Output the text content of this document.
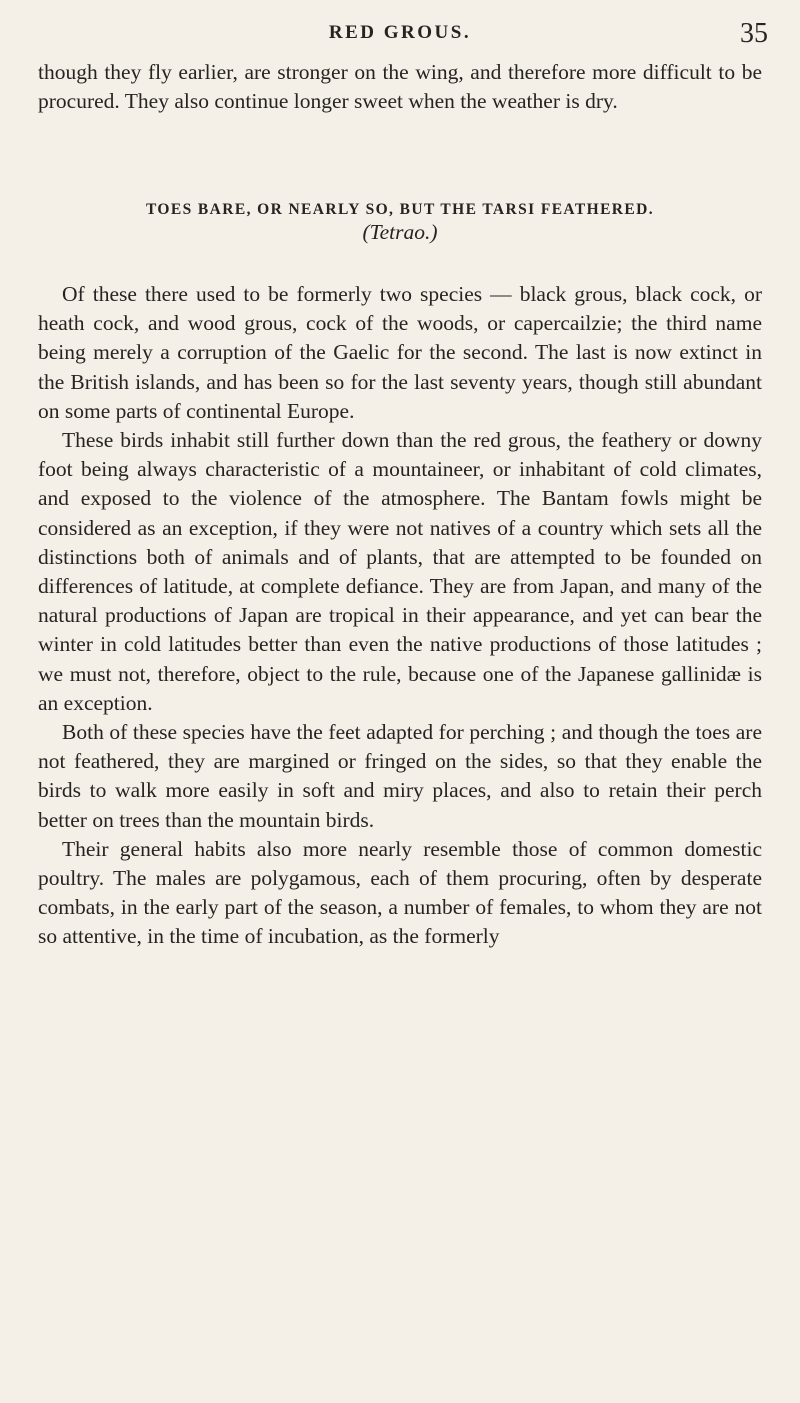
RED GROUS.	35

though they fly earlier, are stronger on the wing, and therefore more difficult to be procured. They also continue longer sweet when the weather is dry.

TOES BARE, OR NEARLY SO, BUT THE TARSI FEATHERED.
(Tetrao.)

Of these there used to be formerly two species — black grous, black cock, or heath cock, and wood grous, cock of the woods, or capercailzie; the third name being merely a corruption of the Gaelic for the second. The last is now extinct in the British islands, and has been so for the last seventy years, though still abundant on some parts of continental Europe.

These birds inhabit still further down than the red grous, the feathery or downy foot being always characteristic of a mountaineer, or inhabitant of cold climates, and exposed to the violence of the atmosphere. The Bantam fowls might be considered as an exception, if they were not natives of a country which sets all the distinctions both of animals and of plants, that are attempted to be founded on differences of latitude, at complete defiance. They are from Japan, and many of the natural productions of Japan are tropical in their appearance, and yet can bear the winter in cold latitudes better than even the native productions of those latitudes ; we must not, therefore, object to the rule, because one of the Japanese gallinidæ is an exception.

Both of these species have the feet adapted for perching ; and though the toes are not feathered, they are margined or fringed on the sides, so that they enable the birds to walk more easily in soft and miry places, and also to retain their perch better on trees than the mountain birds.

Their general habits also more nearly resemble those of common domestic poultry. The males are polygamous, each of them procuring, often by desperate combats, in the early part of the season, a number of females, to whom they are not so attentive, in the time of incubation, as the formerly
